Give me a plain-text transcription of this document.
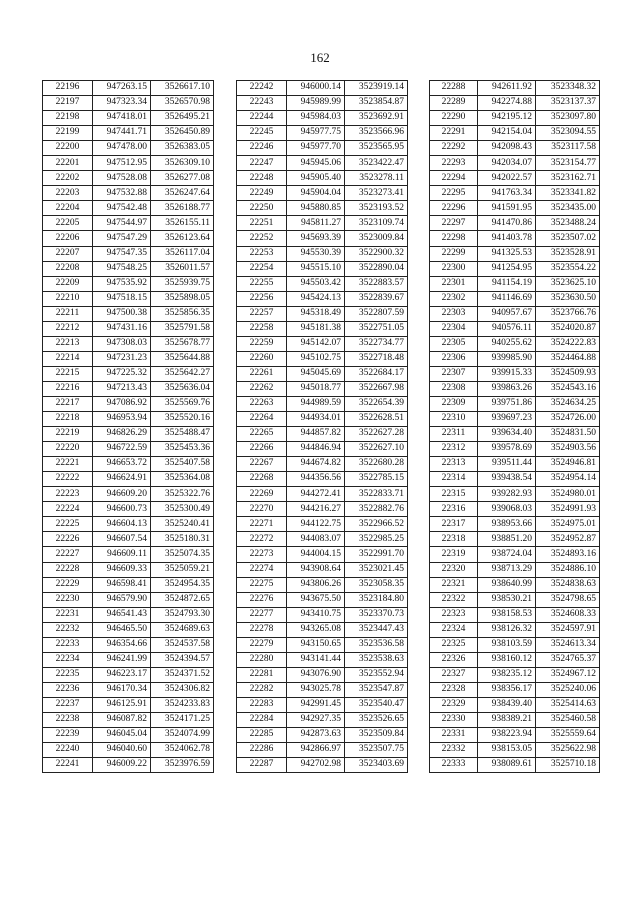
162
22196	947263.15	3526617.10
22197	947323.34	3526570.98
22198	947418.01	3526495.21
22199	947441.71	3526450.89
22200	947478.00	3526383.05
22201	947512.95	3526309.10
22202	947528.08	3526277.08
22203	947532.88	3526247.64
22204	947542.48	3526188.77
22205	947544.97	3526155.11
22206	947547.29	3526123.64
22207	947547.35	3526117.04
22208	947548.25	3526011.57
22209	947535.92	3525939.75
22210	947518.15	3525898.05
22211	947500.38	3525856.35
22212	947431.16	3525791.58
22213	947308.03	3525678.77
22214	947231.23	3525644.88
22215	947225.32	3525642.27
22216	947213.43	3525636.04
22217	947086.92	3525569.76
22218	946953.94	3525520.16
22219	946826.29	3525488.47
22220	946722.59	3525453.36
22221	946653.72	3525407.58
22222	946624.91	3525364.08
22223	946609.20	3525322.76
22224	946600.73	3525300.49
22225	946604.13	3525240.41
22226	946607.54	3525180.31
22227	946609.11	3525074.35
22228	946609.33	3525059.21
22229	946598.41	3524954.35
22230	946579.90	3524872.65
22231	946541.43	3524793.30
22232	946465.50	3524689.63
22233	946354.66	3524537.58
22234	946241.99	3524394.57
22235	946223.17	3524371.52
22236	946170.34	3524306.82
22237	946125.91	3524233.83
22238	946087.82	3524171.25
22239	946045.04	3524074.99
22240	946040.60	3524062.78
22241	946009.22	3523976.59
22242	946000.14	3523919.14
22243	945989.99	3523854.87
22244	945984.03	3523692.91
22245	945977.75	3523566.96
22246	945977.70	3523565.95
22247	945945.06	3523422.47
22248	945905.40	3523278.11
22249	945904.04	3523273.41
22250	945880.85	3523193.52
22251	945811.27	3523109.74
22252	945693.39	3523009.84
22253	945530.39	3522900.32
22254	945515.10	3522890.04
22255	945503.42	3522883.57
22256	945424.13	3522839.67
22257	945318.49	3522807.59
22258	945181.38	3522751.05
22259	945142.07	3522734.77
22260	945102.75	3522718.48
22261	945045.69	3522684.17
22262	945018.77	3522667.98
22263	944989.59	3522654.39
22264	944934.01	3522628.51
22265	944857.82	3522627.28
22266	944846.94	3522627.10
22267	944674.82	3522680.28
22268	944356.56	3522785.15
22269	944272.41	3522833.71
22270	944216.27	3522882.76
22271	944122.75	3522966.52
22272	944083.07	3522985.25
22273	944004.15	3522991.70
22274	943908.64	3523021.45
22275	943806.26	3523058.35
22276	943675.50	3523184.80
22277	943410.75	3523370.73
22278	943265.08	3523447.43
22279	943150.65	3523536.58
22280	943141.44	3523538.63
22281	943076.90	3523552.94
22282	943025.78	3523547.87
22283	942991.45	3523540.47
22284	942927.35	3523526.65
22285	942873.63	3523509.84
22286	942866.97	3523507.75
22287	942702.98	3523403.69
22288	942611.92	3523348.32
22289	942274.88	3523137.37
22290	942195.12	3523097.80
22291	942154.04	3523094.55
22292	942098.43	3523117.58
22293	942034.07	3523154.77
22294	942022.57	3523162.71
22295	941763.34	3523341.82
22296	941591.95	3523435.00
22297	941470.86	3523488.24
22298	941403.78	3523507.02
22299	941325.53	3523528.91
22300	941254.95	3523554.22
22301	941154.19	3523625.10
22302	941146.69	3523630.50
22303	940957.67	3523766.76
22304	940576.11	3524020.87
22305	940255.62	3524222.83
22306	939985.90	3524464.88
22307	939915.33	3524509.93
22308	939863.26	3524543.16
22309	939751.86	3524634.25
22310	939697.23	3524726.00
22311	939634.40	3524831.50
22312	939578.69	3524903.56
22313	939511.44	3524946.81
22314	939438.54	3524954.14
22315	939282.93	3524980.01
22316	939068.03	3524991.93
22317	938953.66	3524975.01
22318	938851.20	3524952.87
22319	938724.04	3524893.16
22320	938713.29	3524886.10
22321	938640.99	3524838.63
22322	938530.21	3524798.65
22323	938158.53	3524608.33
22324	938126.32	3524597.91
22325	938103.59	3524613.34
22326	938160.12	3524765.37
22327	938235.12	3524967.12
22328	938356.17	3525240.06
22329	938439.40	3525414.63
22330	938389.21	3525460.58
22331	938223.94	3525559.64
22332	938153.05	3525622.98
22333	938089.61	3525710.18
